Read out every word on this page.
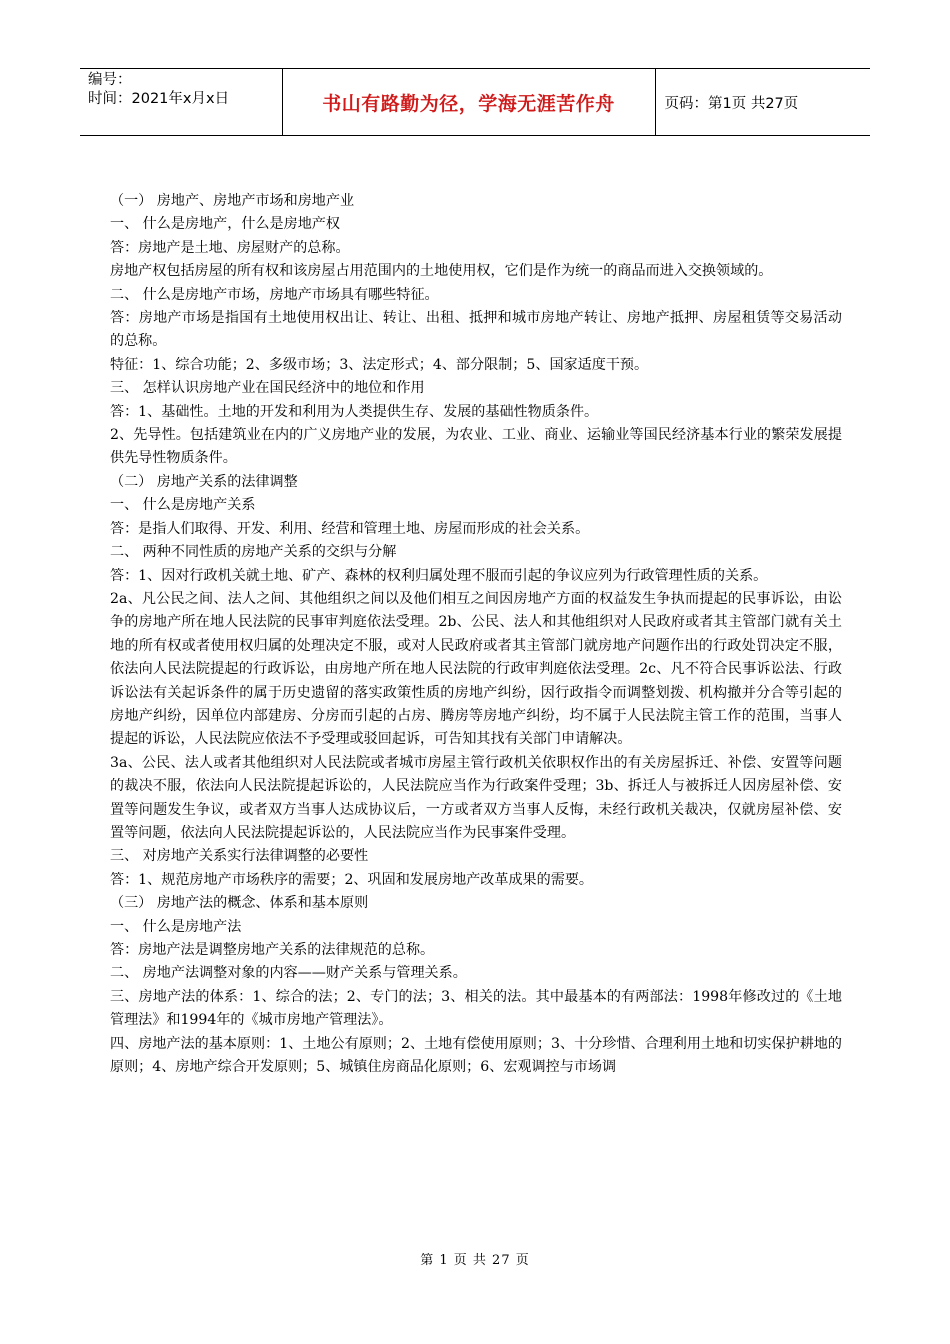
编号：
时间：2021年x月x日	书山有路勤为径，学海无涯苦作舟	页码：第1页 共27页

（一） 房地产、房地产市场和房地产业

一、 什么是房地产，什么是房地产权

答：房地产是土地、房屋财产的总称。

房地产权包括房屋的所有权和该房屋占用范围内的土地使用权，它们是作为统一的商品而进入交换领域的。

二、 什么是房地产市场，房地产市场具有哪些特征。

答：房地产市场是指国有土地使用权出让、转让、出租、抵押和城市房地产转让、房地产抵押、房屋租赁等交易活动的总称。

特征：1、综合功能；2、多级市场；3、法定形式；4、部分限制；5、国家适度干预。

三、 怎样认识房地产业在国民经济中的地位和作用

答：1、基础性。土地的开发和利用为人类提供生存、发展的基础性物质条件。

2、先导性。包括建筑业在内的广义房地产业的发展，为农业、工业、商业、运输业等国民经济基本行业的繁荣发展提供先导性物质条件。

（二） 房地产关系的法律调整

一、 什么是房地产关系

答：是指人们取得、开发、利用、经营和管理土地、房屋而形成的社会关系。

二、 两种不同性质的房地产关系的交织与分解

答：1、因对行政机关就土地、矿产、森林的权利归属处理不服而引起的争议应列为行政管理性质的关系。

2a、凡公民之间、法人之间、其他组织之间以及他们相互之间因房地产方面的权益发生争执而提起的民事诉讼，由讼争的房地产所在地人民法院的民事审判庭依法受理。2b、公民、法人和其他组织对人民政府或者其主管部门就有关土地的所有权或者使用权归属的处理决定不服，或对人民政府或者其主管部门就房地产问题作出的行政处罚决定不服，依法向人民法院提起的行政诉讼，由房地产所在地人民法院的行政审判庭依法受理。2c、凡不符合民事诉讼法、行政诉讼法有关起诉条件的属于历史遗留的落实政策性质的房地产纠纷，因行政指令而调整划拨、机构撤并分合等引起的房地产纠纷，因单位内部建房、分房而引起的占房、腾房等房地产纠纷，均不属于人民法院主管工作的范围，当事人提起的诉讼，人民法院应依法不予受理或驳回起诉，可告知其找有关部门申请解决。

3a、公民、法人或者其他组织对人民法院或者城市房屋主管行政机关依职权作出的有关房屋拆迁、补偿、安置等问题的裁决不服，依法向人民法院提起诉讼的，人民法院应当作为行政案件受理；3b、拆迁人与被拆迁人因房屋补偿、安置等问题发生争议，或者双方当事人达成协议后，一方或者双方当事人反悔，未经行政机关裁决，仅就房屋补偿、安置等问题，依法向人民法院提起诉讼的，人民法院应当作为民事案件受理。

三、 对房地产关系实行法律调整的必要性

答：1、规范房地产市场秩序的需要；2、巩固和发展房地产改革成果的需要。

（三） 房地产法的概念、体系和基本原则

一、 什么是房地产法

答：房地产法是调整房地产关系的法律规范的总称。

二、 房地产法调整对象的内容——财产关系与管理关系。

三、房地产法的体系：1、综合的法；2、专门的法；3、相关的法。其中最基本的有两部法：1998年修改过的《土地管理法》和1994年的《城市房地产管理法》。

四、房地产法的基本原则：1、土地公有原则；2、土地有偿使用原则；3、十分珍惜、合理利用土地和切实保护耕地的原则；4、房地产综合开发原则；5、城镇住房商品化原则；6、宏观调控与市场调

第 1 页 共 27 页
